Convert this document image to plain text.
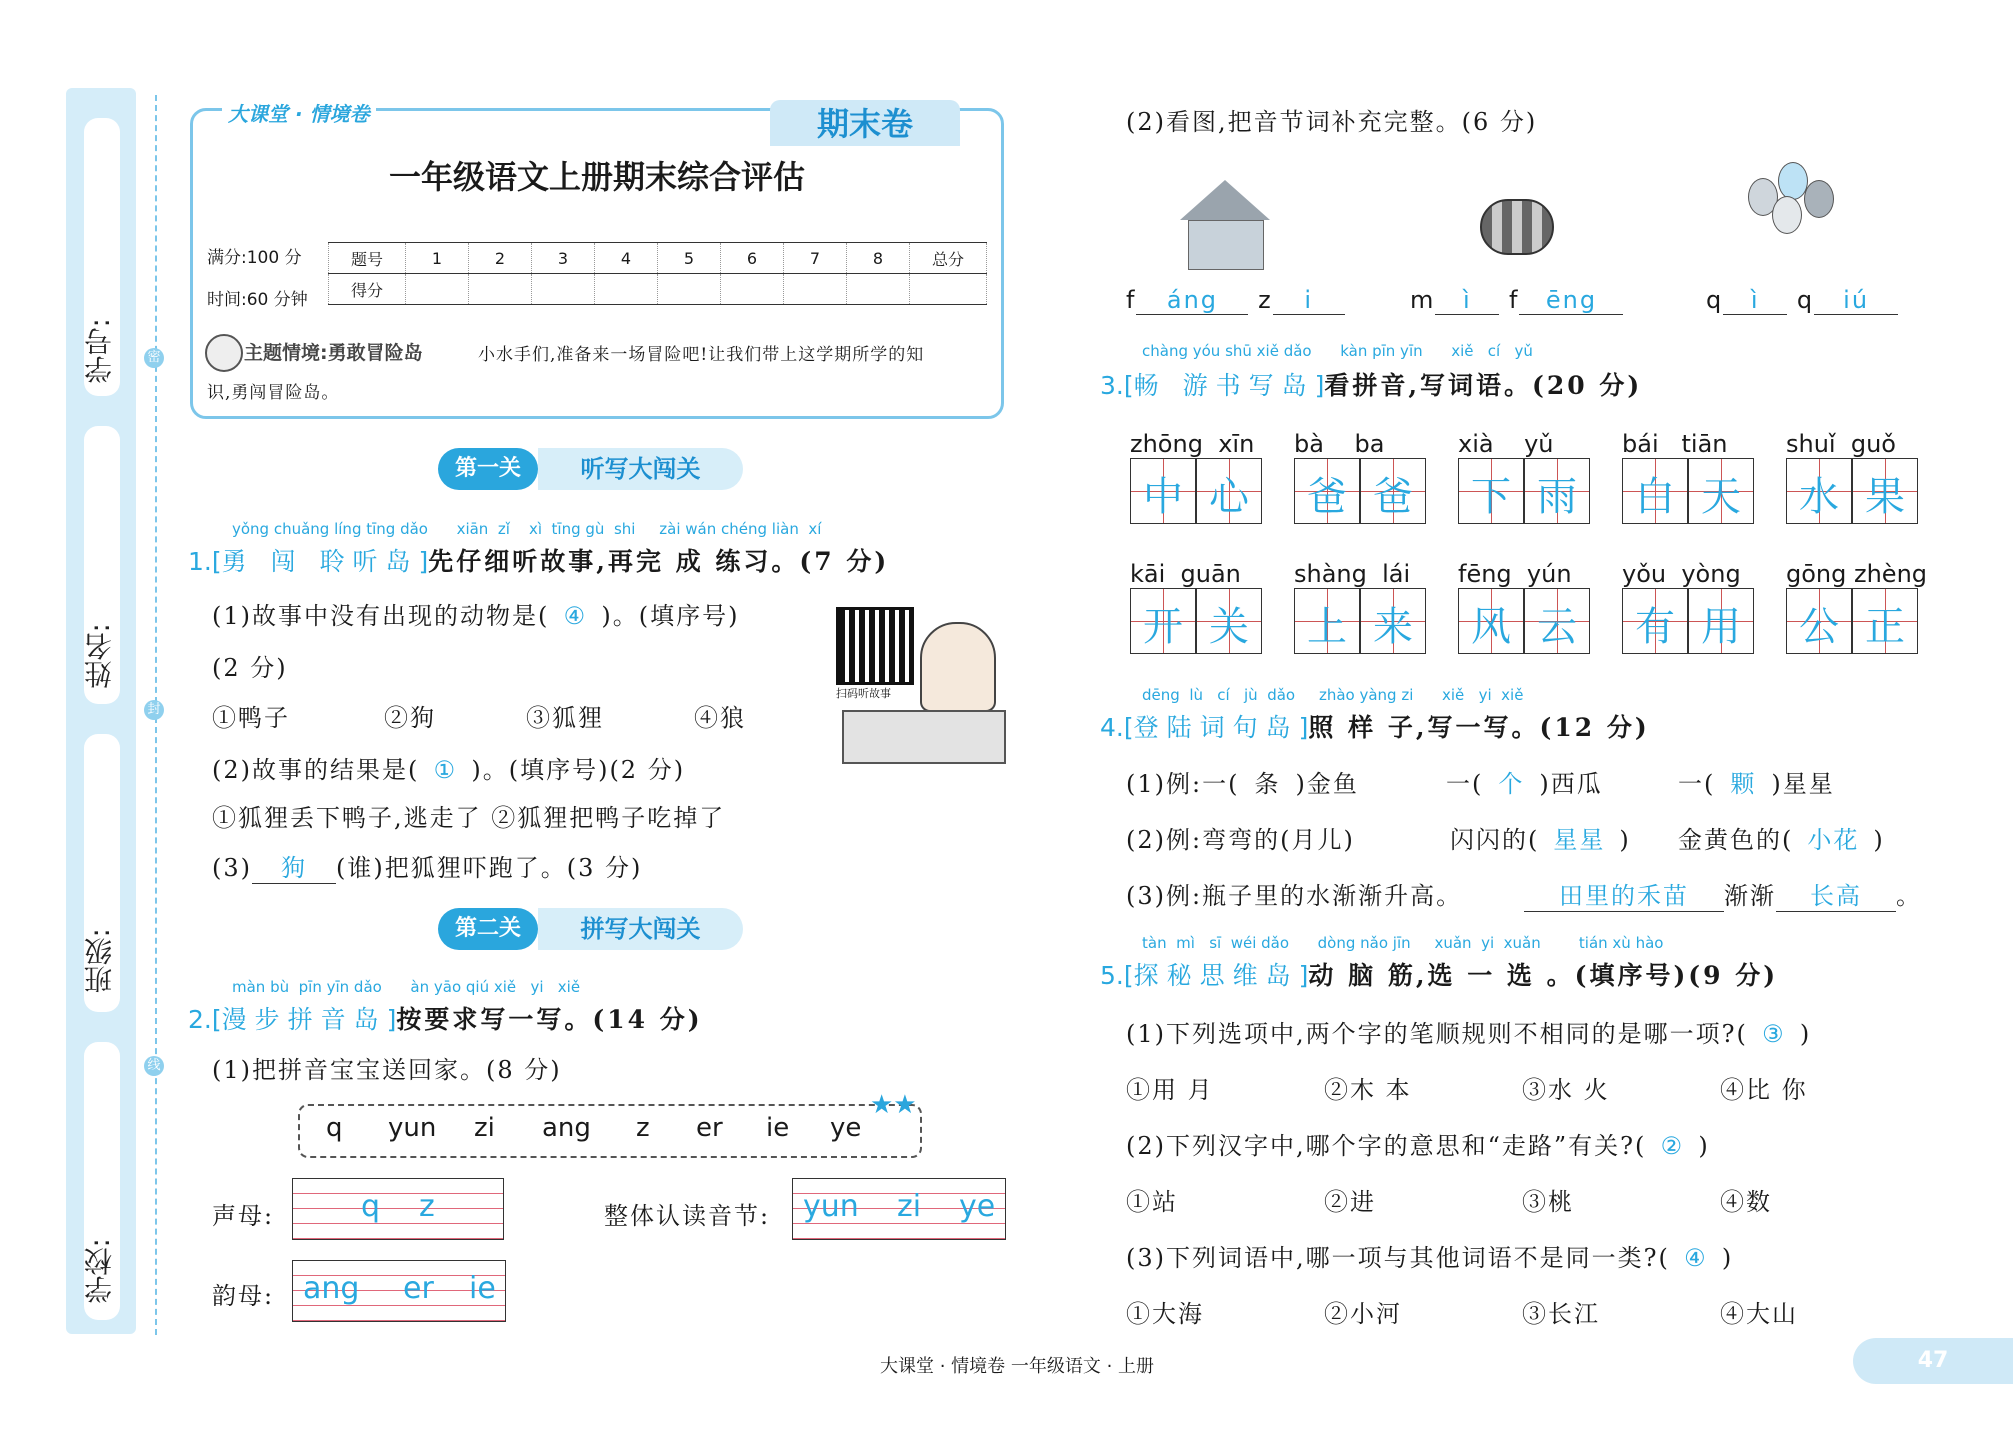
学号:
姓名:
班级:
学校:
密
封
线
大课堂 · 情境卷	期末卷
一年级语文上册期末综合评估
满分:100 分
时间:60 分钟
题号	1	2	3	4	5	6	7	8	总分
得分									
主题情境:勇敢冒险岛	小水手们,准备来一场冒险吧!让我们带上这学期所学的知
识,勇闯冒险岛。
第一关	听写大闯关
yǒng chuǎng líng tīng dǎo      xiān  zǐ    xì  tīng gù  shi     zài wán chéng liàn  xí
1.[勇 闯 聆听岛]先仔细听故事,再完 成 练习。(7 分)
(1)故事中没有出现的动物是( ④ )。(填序号)
(2 分)
①鸭子	②狗	③狐狸	④狼
(2)故事的结果是( ① )。(填序号)(2 分)
①狐狸丢下鸭子,逃走了 ②狐狸把鸭子吃掉了
(3) 狗 (谁)把狐狸吓跑了。(3 分)
扫码听故事
第二关	拼写大闯关
màn bù  pīn yīn dǎo      àn yāo qiú xiě   yi   xiě
2.[漫步拼音岛]按要求写一写。(14 分)
(1)把拼音宝宝送回家。(8 分)
q yun zi ang z er ie ye
★★
声母:	q z	整体认读音节: yun zi ye
韵母: ang er ie
(2)看图,把音节词补充完整。(6 分)
f áng z i	m ì f ēng	q ì q iú
chàng yóu shū xiě dǎo      kàn pīn yīn      xiě   cí   yǔ
3.[畅 游书写岛]看拼音,写词语。(20 分)
zhōng  xīn
中 心
bà    ba
爸 爸
xià    yǔ
下 雨
bái   tiān
白 天
shuǐ  guǒ
水 果
kāi  guān
开 关
shàng  lái
上 来
fēng  yún
风 云
yǒu  yòng
有 用
gōng zhèng
公 正
dēng  lù   cí   jù  dǎo     zhào yàng zi      xiě   yi  xiě
4.[登陆词句岛]照 样 子,写一写。(12 分)
(1)例:一( 条 )金鱼	一( 个 )西瓜	一( 颗 )星星
(2)例:弯弯的(月儿)	闪闪的( 星星 ) 金黄色的( 小花 )
(3)例:瓶子里的水渐渐升高。	田里的禾苗 渐渐 长高 。
tàn  mì   sī  wéi dǎo      dòng nǎo jīn     xuǎn  yi  xuǎn        tián xù hào
5.[探秘思维岛]动 脑 筋,选 一 选 。(填序号)(9 分)
(1)下列选项中,两个字的笔顺规则不相同的是哪一项?( ③ )
①用 月	②木 本	③水 火	④比 你
(2)下列汉字中,哪个字的意思和“走路”有关?( ② )
①站	②进	③桃	④数
(3)下列词语中,哪一项与其他词语不是同一类?( ④ )
①大海	②小河	③长江	④大山
大课堂 · 情境卷 一年级语文 · 上册	47
